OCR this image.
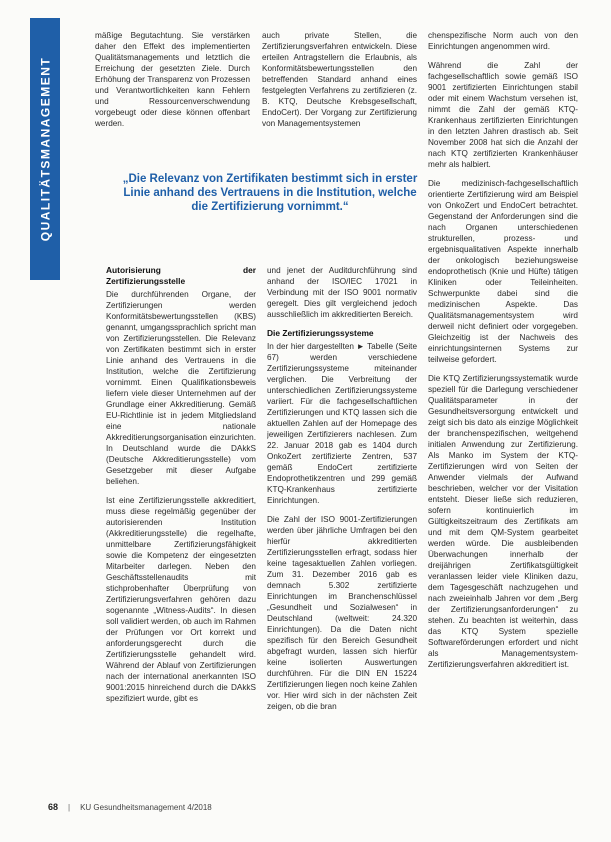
QUALITÄTSMANAGEMENT

mäßige Begutachtung. Sie verstärken daher den Effekt des implementierten Qualitätsmanagements und letztlich die Erreichung der gesetzten Ziele. Durch Erhöhung der Transparenz von Prozessen und Verantwortlichkeiten kann Fehlern und Ressourcenverschwendung vorgebeugt oder diese können offenbart werden.

auch private Stellen, die Zertifizierungsverfahren entwickeln. Diese erteilen Antragstellern die Erlaubnis, als Konformitätsbewertungsstellen den betreffenden Standard anhand eines festgelegten Verfahrens zu zertifizieren (z. B. KTQ, Deutsche Krebsgesellschaft, EndoCert). Der Vorgang zur Zertifizierung von Managementsystemen

„Die Relevanz von Zertifikaten bestimmt sich in erster Linie anhand des Vertrauens in die Institution, welche die Zertifizierung vornimmt.“

chenspezifische Norm auch von den Einrichtungen angenommen wird.

Während die Zahl der fachgesellschaftlich sowie gemäß ISO 9001 zertifizierten Einrichtungen stabil oder mit einem Wachstum versehen ist, nimmt die Zahl der gemäß KTQ-Krankenhaus zertifizierten Einrichtungen in den letzten Jahren drastisch ab. Seit November 2008 hat sich die Anzahl der nach KTQ zertifizierten Krankenhäuser mehr als halbiert.

Die medizinisch-fachgesellschaftlich orientierte Zertifizierung wird am Beispiel von OnkoZert und EndoCert betrachtet. Gegenstand der Anforderungen sind die nach Organen unterschiedenen strukturellen, prozess- und ergebnisqualitativen Aspekte innerhalb der onkologisch beziehungsweise endoprothetisch (Knie und Hüfte) tätigen Kliniken oder Teileinheiten. Schwerpunkte dabei sind die medizinischen Aspekte. Das Qualitätsmanagementsystem wird derweil nicht definiert oder vorgegeben. Gleichzeitig ist der Nachweis des einrichtungsinternen Systems zur teilweise gefordert.

Die KTQ Zertifizierungssystematik wurde speziell für die Darlegung verschiedener Qualitätsparameter in der Gesundheitsversorgung entwickelt und zeigt sich bis dato als einzige Möglichkeit der branchenspezifischen, weitgehend initialen Anwendung zur Zertifizierung. Als Manko im System der KTQ-Zertifizierungen wird von Seiten der Anwender vielmals der Aufwand beschrieben, welcher vor der Visitation entsteht. Dieser ließe sich reduzieren, sofern kontinuierlich im Gültigkeitszeitraum des Zertifikats am und mit dem QM-System gearbeitet werden würde. Die ausbleibenden Überwachungen innerhalb der dreijährigen Zertifikatsgültigkeit veranlassen leider viele Kliniken dazu, dem Tagesgeschäft nachzugehen und nach zweieinhalb Jahren vor dem „Berg der Zertifizierungsanforderungen“ zu stehen. Zu beachten ist weiterhin, dass das KTQ System spezielle Softwareförderungen erfordert und nicht als Managementsystem-Zertifizierungsverfahren akkreditiert ist.

Autorisierung der Zertifizierungsstelle

Die durchführenden Organe, der Zertifizierungen werden Konformitätsbewertungsstellen (KBS) genannt, umgangssprachlich spricht man von Zertifizierungsstellen. Die Relevanz von Zertifikaten bestimmt sich in erster Linie anhand des Vertrauens in die Institution, welche die Zertifizierung vornimmt. Einen Qualifikationsbeweis liefern viele dieser Unternehmen auf der Grundlage einer Akkreditierung. Gemäß EU-Richtlinie ist in jedem Mitgliedsland eine nationale Akkreditierungsorganisation einzurichten. In Deutschland wurde die DAkkS (Deutsche Akkreditierungsstelle) vom Gesetzgeber mit dieser Aufgabe beliehen.

Ist eine Zertifizierungsstelle akkreditiert, muss diese regelmäßig gegenüber der autorisierenden Institution (Akkreditierungsstelle) die regelhafte, unmittelbare Zertifizierungsfähigkeit sowie die Kompetenz der eingesetzten Mitarbeiter darlegen. Neben den Geschäftsstellenaudits mit stichprobenhafter Überprüfung von Zertifizierungsverfahren gehören dazu sogenannte „Witness-Audits“. In diesen soll validiert werden, ob auch im Rahmen der Prüfungen vor Ort korrekt und anforderungsgerecht durch die Zertifizierungsstelle gehandelt wird. Während der Ablauf von Zertifizierungen nach der international anerkannten ISO 9001:2015 hinreichend durch die DAkkS spezifiziert wurde, gibt es

und jenet der Auditdurchführung sind anhand der ISO/IEC 17021 in Verbindung mit der ISO 9001 normativ geregelt. Dies gilt vergleichend jedoch ausschließlich im akkreditierten Bereich.

Die Zertifizierungssysteme

In der hier dargestellten ► Tabelle (Seite 67) werden verschiedene Zertifizierungssysteme miteinander verglichen. Die Verbreitung der unterschiedlichen Zertifizierungssysteme variiert. Für die fachgesellschaftlichen Zertifizierungen und KTQ lassen sich die aktuellen Zahlen auf der Homepage des jeweiligen Zertifizierers nachlesen. Zum 22. Januar 2018 gab es 1404 durch OnkoZert zertifizierte Zentren, 537 gemäß EndoCert zertifizierte Endoprothetikzentren und 299 gemäß KTQ-Krankenhaus zertifizierte Einrichtungen.

Die Zahl der ISO 9001-Zertifizierungen werden über jährliche Umfragen bei den hierfür akkreditierten Zertifizierungsstellen erfragt, sodass hier keine tagesaktuellen Zahlen vorliegen. Zum 31. Dezember 2016 gab es demnach 5.302 zertifizierte Einrichtungen im Branchenschlüssel „Gesundheit und Sozialwesen“ in Deutschland (weltweit: 24.320 Einrichtungen). Da die Daten nicht spezifisch für den Bereich Gesundheit abgefragt wurden, lassen sich hierfür keine isolierten Auswertungen durchführen. Für die DIN EN 15224 Zertifizierungen liegen noch keine Zahlen vor. Hier wird sich in der nächsten Zeit zeigen, ob die bran

68 | KU Gesundheitsmanagement 4/2018
